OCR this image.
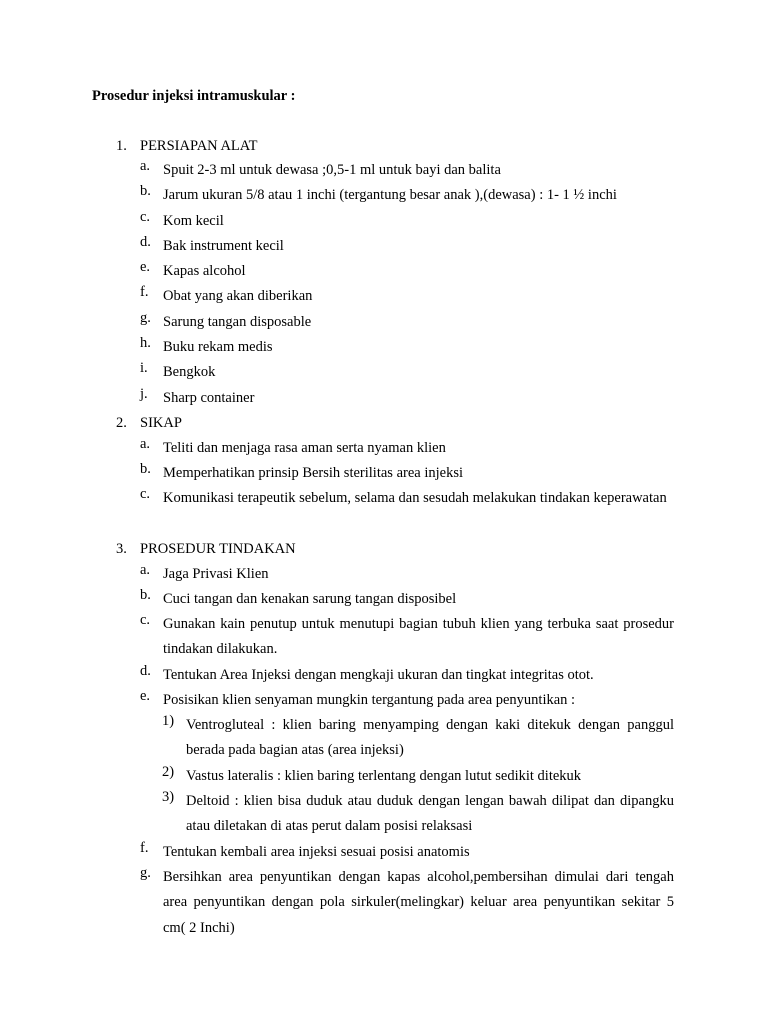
Prosedur injeksi intramuskular :
1. PERSIAPAN ALAT
a. Spuit 2-3 ml untuk dewasa ;0,5-1 ml untuk bayi dan balita
b. Jarum ukuran 5/8 atau 1 inchi (tergantung besar anak ),(dewasa) : 1- 1 ½ inchi
c. Kom kecil
d. Bak instrument kecil
e. Kapas alcohol
f.	Obat yang akan diberikan
g. Sarung tangan disposable
h. Buku rekam medis
i.	Bengkok
j.	Sharp container
2. SIKAP
a. Teliti dan menjaga rasa aman serta nyaman klien
b. Memperhatikan prinsip Bersih sterilitas area injeksi
c. Komunikasi terapeutik sebelum, selama dan sesudah melakukan tindakan keperawatan
3. PROSEDUR TINDAKAN
a. Jaga Privasi Klien
b. Cuci tangan dan kenakan sarung tangan disposibel
c. Gunakan kain penutup untuk menutupi bagian tubuh klien yang terbuka saat prosedur tindakan dilakukan.
d. Tentukan Area Injeksi dengan mengkaji ukuran dan tingkat integritas otot.
e. Posisikan klien senyaman mungkin tergantung pada area penyuntikan :
1) Ventrogluteal : klien baring menyamping dengan kaki ditekuk dengan panggul berada pada bagian atas (area injeksi)
2) Vastus lateralis : klien baring terlentang dengan lutut sedikit ditekuk
3) Deltoid : klien bisa duduk atau duduk dengan lengan bawah dilipat dan dipangku atau diletakan di atas perut dalam posisi relaksasi
f.	Tentukan kembali area injeksi sesuai posisi anatomis
g. Bersihkan area penyuntikan dengan kapas alcohol,pembersihan dimulai dari tengah area penyuntikan dengan pola sirkuler(melingkar) keluar area penyuntikan sekitar 5 cm( 2 Inchi)
